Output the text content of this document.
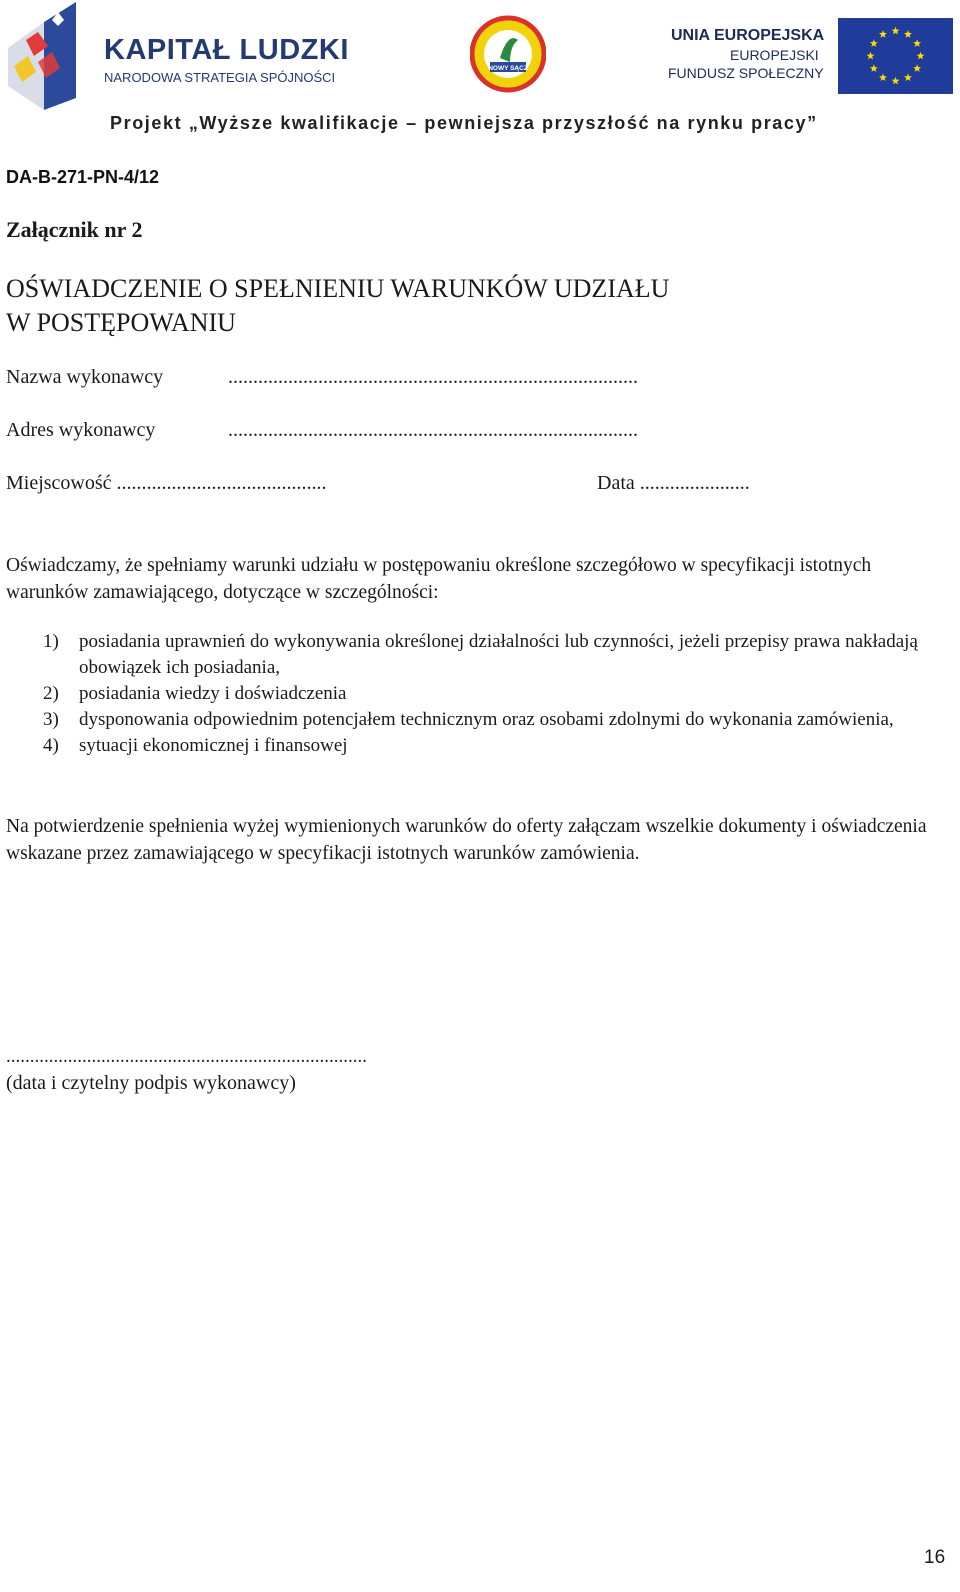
KAPITAŁ LUDZKI
NARODOWA STRATEGIA SPÓJNOŚCI
NOWY SĄCZ
UNIA EUROPEJSKA
EUROPEJSKI
FUNDUSZ SPOŁECZNY
Projekt „Wyższe kwalifikacje – pewniejsza przyszłość na rynku pracy”
DA-B-271-PN-4/12
Załącznik nr 2
OŚWIADCZENIE O SPEŁNIENIU WARUNKÓW UDZIAŁU
W POSTĘPOWANIU
Nazwa wykonawcy	..................................................................................
Adres wykonawcy	..................................................................................
Miejscowość ..........................................	Data ......................
Oświadczamy, że spełniamy warunki udziału w postępowaniu określone szczegółowo w specyfikacji istotnych warunków zamawiającego, dotyczące w szczególności:
1)	posiadania uprawnień do wykonywania określonej działalności lub czynności, jeżeli przepisy prawa nakładają obowiązek ich posiadania,
2)	posiadania wiedzy i doświadczenia
3)	dysponowania odpowiednim potencjałem technicznym oraz osobami zdolnymi do wykonania zamówienia,
4)	sytuacji ekonomicznej i finansowej
Na potwierdzenie spełnienia wyżej wymienionych warunków do oferty załączam wszelkie dokumenty i oświadczenia wskazane przez zamawiającego w specyfikacji istotnych warunków zamówienia.
............................................................................
(data i czytelny podpis wykonawcy)
16
